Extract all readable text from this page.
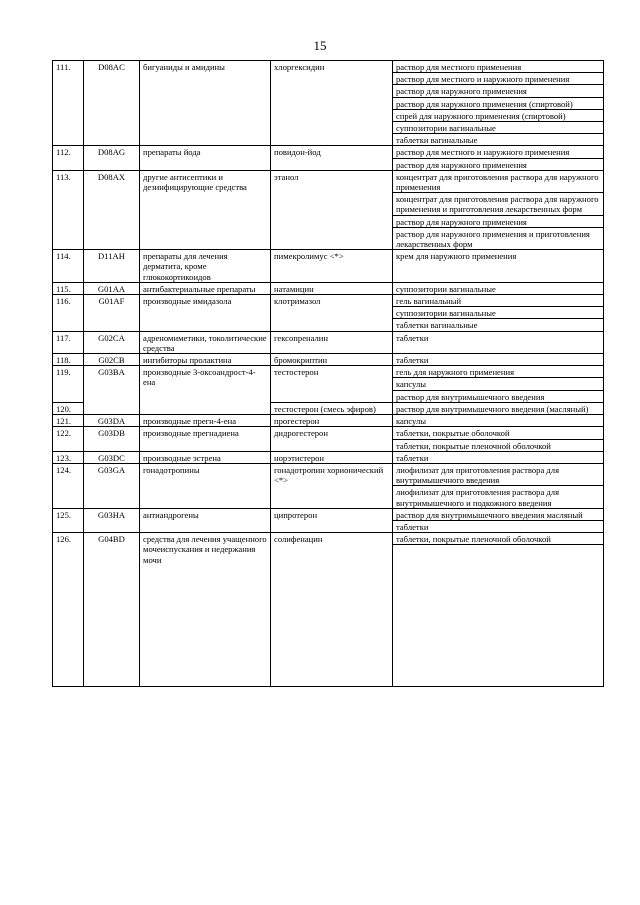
15
111.	D08AC	бигуаниды и амидины	хлоргексидин	раствор для местного применения
				раствор для местного и наружного применения
				раствор для наружного применения
				раствор для наружного применения (спиртовой)
				спрей для наружного применения (спиртовой)
				суппозитории вагинальные
				таблетки вагинальные
112.	D08AG	препараты йода	повидон-йод	раствор для местного и наружного применения
				раствор для наружного применения
113.	D08AX	другие антисептики и дезинфицирующие средства	этанол	концентрат для приготовления раствора для наружного применения
				концентрат для приготовления раствора для наружного применения и приготовления лекарственных форм
				раствор для наружного применения
				раствор для наружного применения и приготовления лекарственных форм
114.	D11AH	препараты для лечения дерматита, кроме глюкокортикоидов	пимекролимус <*>	крем для наружного применения
115.	G01AA	антибактериальные препараты	натамицин	суппозитории вагинальные
116.	G01AF	производные имидазола	клотримазол	гель вагинальный
				суппозитории вагинальные
				таблетки вагинальные
117.	G02CA	адреномиметики, токолитические средства	гексопреналин	таблетки
118.	G02CB	ингибиторы пролактина	бромокриптин	таблетки
119.	G03BA	производные 3-оксоандрост-4-ена	тестостерон	гель для наружного применения
				капсулы
				раствор для внутримышечного введения
120.			тестостерон (смесь эфиров)	раствор для внутримышечного введения (масляный)
121.	G03DA	производные прегн-4-ена	прогестерон	капсулы
122.	G03DB	производные прегнадиена	дидрогестерон	таблетки, покрытые оболочкой
				таблетки, покрытые пленочной оболочкой
123.	G03DC	производные эстрена	норэтистерон	таблетки
124.	G03GA	гонадотропины	гонадотропин хорионический <*>	лиофилизат для приготовления раствора для внутримышечного введения
				лиофилизат для приготовления раствора для внутримышечного и подкожного введения
125.	G03HA	антиандрогены	ципротерон	раствор для внутримышечного введения масляный
				таблетки
126.	G04BD	средства для лечения учащенного мочеиспускания и недержания мочи	солифенацин	таблетки, покрытые пленочной оболочкой
